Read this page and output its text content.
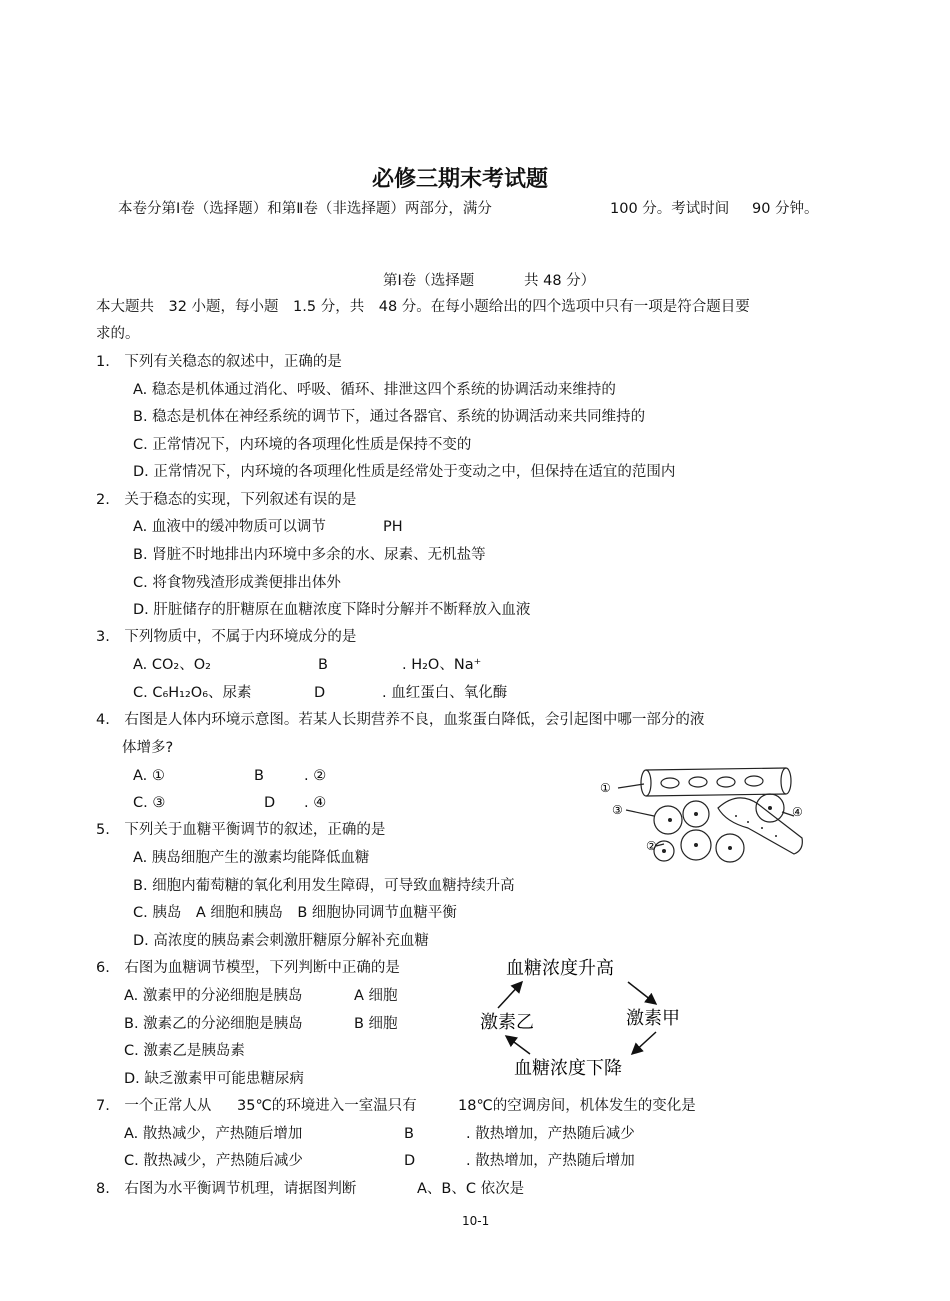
必修三期末考试题
本卷分第Ⅰ卷（选择题）和第Ⅱ卷（非选择题）两部分，满分	100 分。考试时间 90 分钟。
第Ⅰ卷（选择题	共 48 分）
本大题共　32 小题，每小题　1.5 分，共　48 分。在每小题给出的四个选项中只有一项是符合题目要
求的。
1.　下列有关稳态的叙述中，正确的是
A. 稳态是机体通过消化、呼吸、循环、排泄这四个系统的协调活动来维持的
B. 稳态是机体在神经系统的调节下，通过各器官、系统的协调活动来共同维持的
C. 正常情况下，内环境的各项理化性质是保持不变的
D. 正常情况下，内环境的各项理化性质是经常处于变动之中，但保持在适宜的范围内
2.　关于稳态的实现，下列叙述有误的是
A. 血液中的缓冲物质可以调节	PH
B. 肾脏不时地排出内环境中多余的水、尿素、无机盐等
C. 将食物残渣形成粪便排出体外
D. 肝脏储存的肝糖原在血糖浓度下降时分解并不断释放入血液
3.　下列物质中，不属于内环境成分的是
A. CO₂、O₂	B	. H₂O、Na⁺
C. C₆H₁₂O₆、尿素	D	. 血红蛋白、氧化酶
4.　右图是人体内环境示意图。若某人长期营养不良，血浆蛋白降低，会引起图中哪一部分的液
体增多?
A. ①	B	. ②
C. ③	D . ④
①
③
②
④
5.　下列关于血糖平衡调节的叙述，正确的是
A. 胰岛细胞产生的激素均能降低血糖
B. 细胞内葡萄糖的氧化利用发生障碍，可导致血糖持续升高
C. 胰岛　A 细胞和胰岛　B 细胞协同调节血糖平衡
D. 高浓度的胰岛素会刺激肝糖原分解补充血糖
6.　右图为血糖调节模型，下列判断中正确的是
A. 激素甲的分泌细胞是胰岛	A 细胞
B. 激素乙的分泌细胞是胰岛	B 细胞
C. 激素乙是胰岛素
D. 缺乏激素甲可能患糖尿病
血糖浓度升高
激素甲
血糖浓度下降
激素乙
7.　一个正常人从 35℃的环境进入一室温只有	18℃的空调房间，机体发生的变化是
A. 散热减少，产热随后增加	B	. 散热增加，产热随后减少
C. 散热减少，产热随后减少	D	. 散热增加，产热随后增加
8.　右图为水平衡调节机理，请据图判断	A、B、C 依次是
10-1
